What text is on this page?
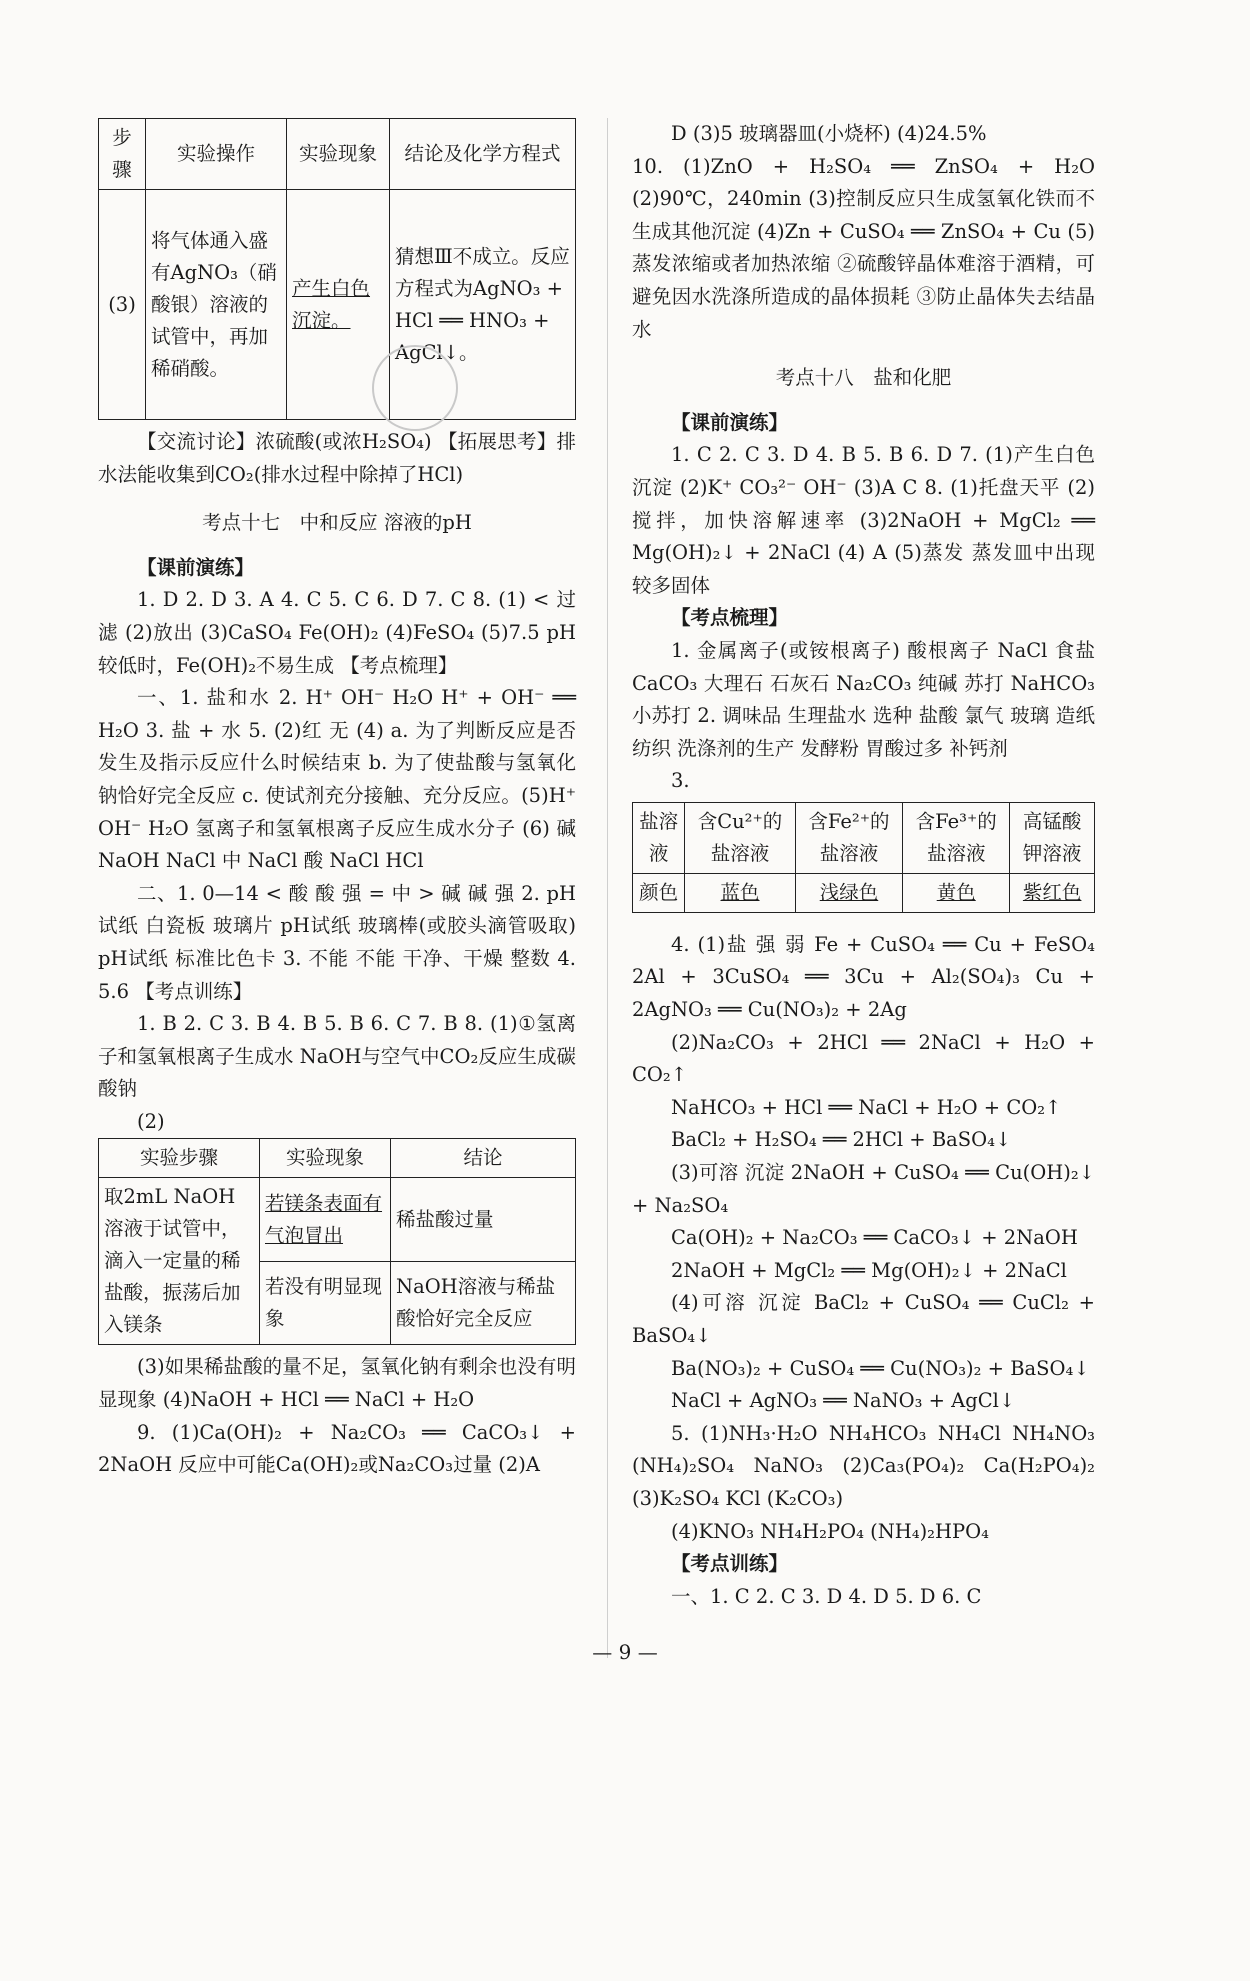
步骤	实验操作	实验现象	结论及化学方程式
(3)	将气体通入盛有AgNO₃（硝酸银）溶液的试管中，再加稀硝酸。	产生白色沉淀。	猜想Ⅲ不成立。反应方程式为AgNO₃ + HCl ══ HNO₃ + AgCl↓。

【交流讨论】浓硫酸(或浓H₂SO₄) 【拓展思考】排水法能收集到CO₂(排水过程中除掉了HCl)

考点十七　中和反应 溶液的pH

【课前演练】

1. D 2. D 3. A 4. C 5. C 6. D 7. C 8. (1) < 过滤 (2)放出 (3)CaSO₄ Fe(OH)₂ (4)FeSO₄ (5)7.5 pH较低时，Fe(OH)₂不易生成 【考点梳理】

一、1. 盐和水 2. H⁺ OH⁻ H₂O H⁺ + OH⁻ ══ H₂O 3. 盐 + 水 5. (2)红 无 (4) a. 为了判断反应是否发生及指示反应什么时候结束 b. 为了使盐酸与氢氧化钠恰好完全反应 c. 使试剂充分接触、充分反应。(5)H⁺ OH⁻ H₂O 氢离子和氢氧根离子反应生成水分子 (6) 碱 NaOH NaCl 中 NaCl 酸 NaCl HCl

二、1. 0—14 < 酸 酸 强 = 中 > 碱 碱 强 2. pH试纸 白瓷板 玻璃片 pH试纸 玻璃棒(或胶头滴管吸取) pH试纸 标准比色卡 3. 不能 不能 干净、干燥 整数 4. 5.6 【考点训练】

1. B 2. C 3. B 4. B 5. B 6. C 7. B 8. (1)①氢离子和氢氧根离子生成水 NaOH与空气中CO₂反应生成碳酸钠

(2)

实验步骤	实验现象	结论
取2mL NaOH溶液于试管中，滴入一定量的稀盐酸，振荡后加入镁条	若镁条表面有气泡冒出	稀盐酸过量
	若没有明显现象	NaOH溶液与稀盐酸恰好完全反应

(3)如果稀盐酸的量不足，氢氧化钠有剩余也没有明显现象 (4)NaOH + HCl ══ NaCl + H₂O

9. (1)Ca(OH)₂ + Na₂CO₃ ══ CaCO₃↓ + 2NaOH 反应中可能Ca(OH)₂或Na₂CO₃过量 (2)A

D (3)5 玻璃器皿(小烧杯) (4)24.5%

10. (1)ZnO + H₂SO₄ ══ ZnSO₄ + H₂O (2)90℃，240min (3)控制反应只生成氢氧化铁而不生成其他沉淀 (4)Zn + CuSO₄ ══ ZnSO₄ + Cu (5)蒸发浓缩或者加热浓缩 ②硫酸锌晶体难溶于酒精，可避免因水洗涤所造成的晶体损耗 ③防止晶体失去结晶水

考点十八　盐和化肥

【课前演练】

1. C 2. C 3. D 4. B 5. B 6. D 7. (1)产生白色沉淀 (2)K⁺ CO₃²⁻ OH⁻ (3)A C 8. (1)托盘天平 (2)搅拌，加快溶解速率 (3)2NaOH + MgCl₂ ══ Mg(OH)₂↓ + 2NaCl (4) A (5)蒸发 蒸发皿中出现较多固体

【考点梳理】

1. 金属离子(或铵根离子) 酸根离子 NaCl 食盐 CaCO₃ 大理石 石灰石 Na₂CO₃ 纯碱 苏打 NaHCO₃ 小苏打 2. 调味品 生理盐水 选种 盐酸 氯气 玻璃 造纸 纺织 洗涤剂的生产 发酵粉 胃酸过多 补钙剂

3.

盐溶液	含Cu²⁺的盐溶液	含Fe²⁺的盐溶液	含Fe³⁺的盐溶液	高锰酸钾溶液
颜色	蓝色	浅绿色	黄色	紫红色

4. (1)盐 强 弱 Fe + CuSO₄ ══ Cu + FeSO₄ 2Al + 3CuSO₄ ══ 3Cu + Al₂(SO₄)₃ Cu + 2AgNO₃ ══ Cu(NO₃)₂ + 2Ag

(2)Na₂CO₃ + 2HCl ══ 2NaCl + H₂O + CO₂↑

NaHCO₃ + HCl ══ NaCl + H₂O + CO₂↑

BaCl₂ + H₂SO₄ ══ 2HCl + BaSO₄↓

(3)可溶 沉淀 2NaOH + CuSO₄ ══ Cu(OH)₂↓ + Na₂SO₄

Ca(OH)₂ + Na₂CO₃ ══ CaCO₃↓ + 2NaOH

2NaOH + MgCl₂ ══ Mg(OH)₂↓ + 2NaCl

(4)可溶 沉淀 BaCl₂ + CuSO₄ ══ CuCl₂ + BaSO₄↓

Ba(NO₃)₂ + CuSO₄ ══ Cu(NO₃)₂ + BaSO₄↓

NaCl + AgNO₃ ══ NaNO₃ + AgCl↓

5. (1)NH₃·H₂O NH₄HCO₃ NH₄Cl NH₄NO₃ (NH₄)₂SO₄ NaNO₃ (2)Ca₃(PO₄)₂ Ca(H₂PO₄)₂ (3)K₂SO₄ KCl (K₂CO₃)

(4)KNO₃ NH₄H₂PO₄ (NH₄)₂HPO₄

【考点训练】

一、1. C 2. C 3. D 4. D 5. D 6. C

— 9 —
